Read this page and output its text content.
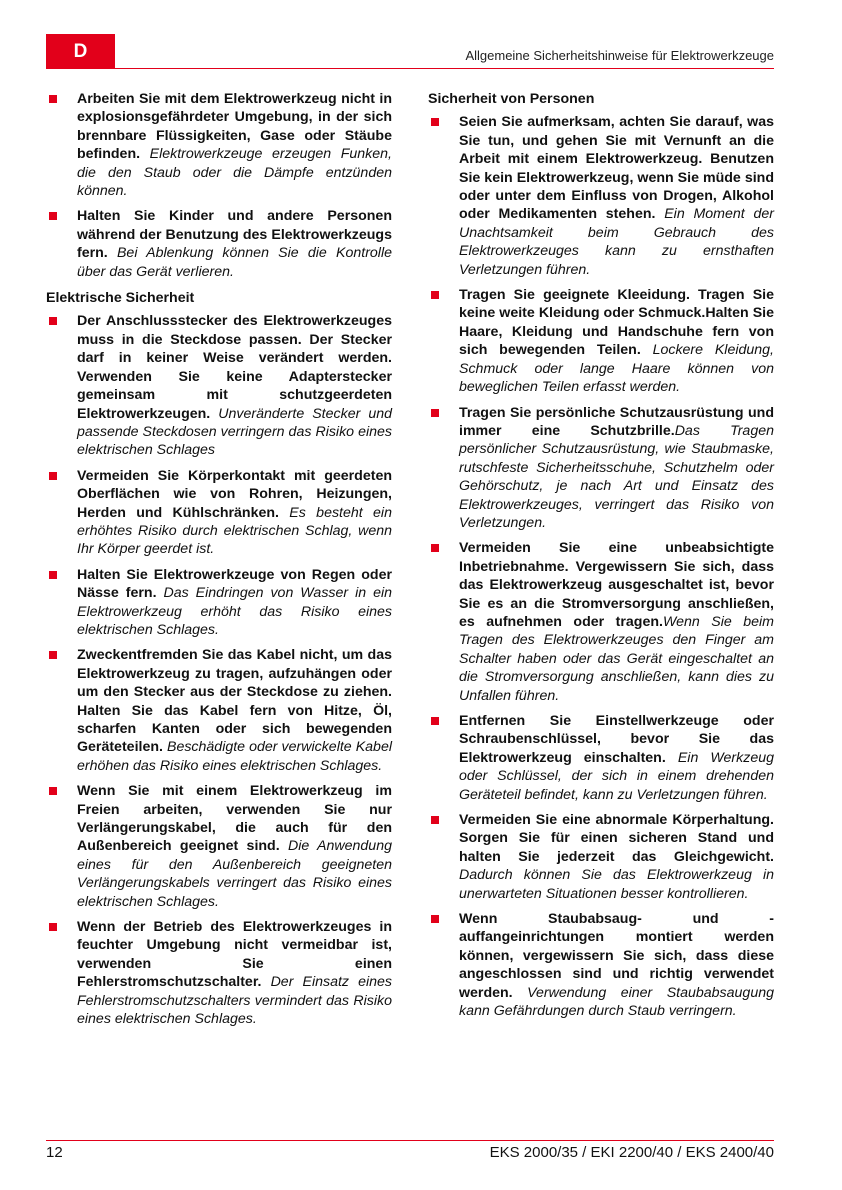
D	Allgemeine Sicherheitshinweise für Elektrowerkzeuge
Arbeiten Sie mit dem Elektrowerkzeug nicht in explosionsgefährdeter Umgebung, in der sich brennbare Flüssigkeiten, Gase oder Stäube befinden. Elektrowerkzeuge erzeugen Funken, die den Staub oder die Dämpfe entzünden können.
Halten Sie Kinder und andere Personen während der Benutzung des Elektrowerkzeugs fern. Bei Ablenkung können Sie die Kontrolle über das Gerät verlieren.
Elektrische Sicherheit
Der Anschlussstecker des Elektrowerkzeuges muss in die Steckdose passen. Der Stecker darf in keiner Weise verändert werden. Verwenden Sie keine Adapterstecker gemeinsam mit schutzgeerdeten Elektrowerkzeugen. Unveränderte Stecker und passende Steckdosen verringern das Risiko eines elektrischen Schlages
Vermeiden Sie Körperkontakt mit geerdeten Oberflächen wie von Rohren, Heizungen, Herden und Kühlschränken. Es besteht ein erhöhtes Risiko durch elektrischen Schlag, wenn Ihr Körper geerdet ist.
Halten Sie Elektrowerkzeuge von Regen oder Nässe fern. Das Eindringen von Wasser in ein Elektrowerkzeug erhöht das Risiko eines elektrischen Schlages.
Zweckentfremden Sie das Kabel nicht, um das Elektrowerkzeug zu tragen, aufzuhängen oder um den Stecker aus der Steckdose zu ziehen. Halten Sie das Kabel fern von Hitze, Öl, scharfen Kanten oder sich bewegenden Geräteteilen. Beschädigte oder verwickelte Kabel erhöhen das Risiko eines elektrischen Schlages.
Wenn Sie mit einem Elektrowerkzeug im Freien arbeiten, verwenden Sie nur Verlängerungskabel, die auch für den Außenbereich geeignet sind. Die Anwendung eines für den Außenbereich geeigneten Verlängerungskabels verringert das Risiko eines elektrischen Schlages.
Wenn der Betrieb des Elektrowerkzeuges in feuchter Umgebung nicht vermeidbar ist, verwenden Sie einen Fehlerstromschutzschalter. Der Einsatz eines Fehlerstromschutzschalters vermindert das Risiko eines elektrischen Schlages.
Sicherheit von Personen
Seien Sie aufmerksam, achten Sie darauf, was Sie tun, und gehen Sie mit Vernunft an die Arbeit mit einem Elektrowerkzeug. Benutzen Sie kein Elektrowerkzeug, wenn Sie müde sind oder unter dem Einfluss von Drogen, Alkohol oder Medikamenten stehen. Ein Moment der Unachtsamkeit beim Gebrauch des Elektrowerkzeuges kann zu ernsthaften Verletzungen führen.
Tragen Sie geeignete Kleeidung. Tragen Sie keine weite Kleidung oder Schmuck.Halten Sie Haare, Kleidung und Handschuhe fern von sich bewegenden Teilen. Lockere Kleidung, Schmuck oder lange Haare können von beweglichen Teilen erfasst werden.
Tragen Sie persönliche Schutzausrüstung und immer eine Schutzbrille.Das Tragen persönlicher Schutzausrüstung, wie Staubmaske, rutschfeste Sicherheitsschuhe, Schutzhelm oder Gehörschutz, je nach Art und Einsatz des Elektrowerkzeuges, verringert das Risiko von Verletzungen.
Vermeiden Sie eine unbeabsichtigte Inbetriebnahme. Vergewissern Sie sich, dass das Elektrowerkzeug ausgeschaltet ist, bevor Sie es an die Stromversorgung anschließen, es aufnehmen oder tragen.Wenn Sie beim Tragen des Elektrowerkzeuges den Finger am Schalter haben oder das Gerät eingeschaltet an die Stromversorgung anschließen, kann dies zu Unfallen führen.
Entfernen Sie Einstellwerkzeuge oder Schraubenschlüssel, bevor Sie das Elektrowerkzeug einschalten. Ein Werkzeug oder Schlüssel, der sich in einem drehenden Geräteteil befindet, kann zu Verletzungen führen.
Vermeiden Sie eine abnormale Körperhaltung. Sorgen Sie für einen sicheren Stand und halten Sie jederzeit das Gleichgewicht. Dadurch können Sie das Elektrowerkzeug in unerwarteten Situationen besser kontrollieren.
Wenn Staubabsaug- und -auffangeinrichtungen montiert werden können, vergewissern Sie sich, dass diese angeschlossen sind und richtig verwendet werden. Verwendung einer Staubabsaugung kann Gefährdungen durch Staub verringern.
12	EKS 2000/35 / EKI 2200/40 / EKS 2400/40
